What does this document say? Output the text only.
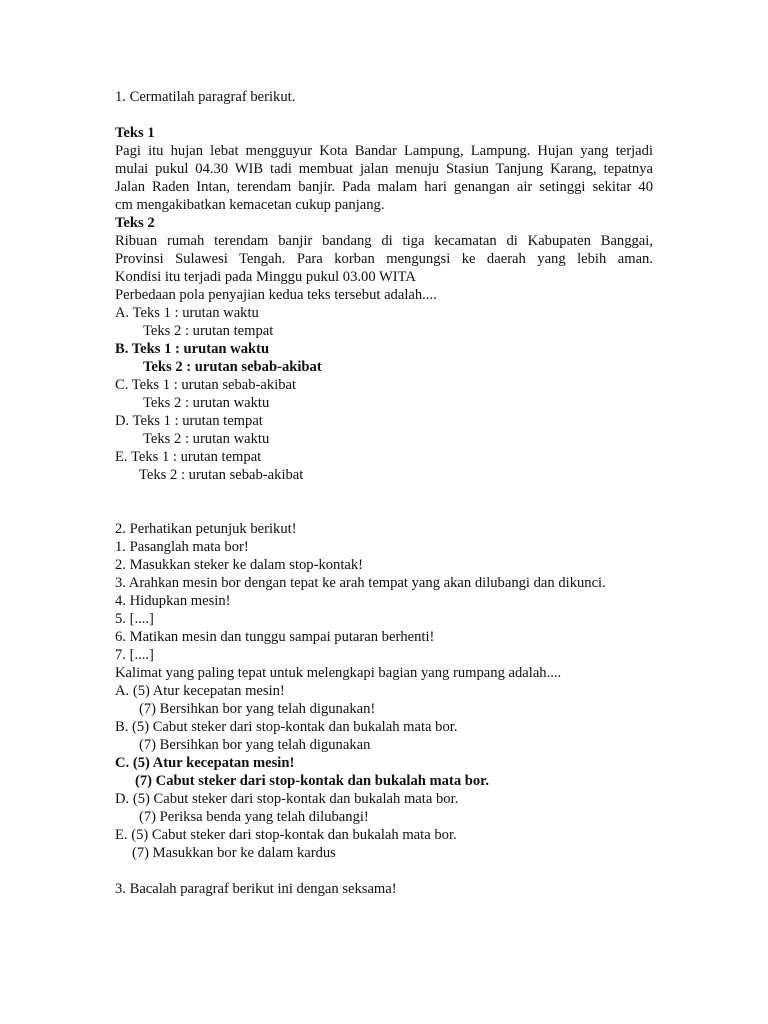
1. Cermatilah paragraf berikut.
Teks 1
Pagi itu hujan lebat mengguyur Kota Bandar Lampung, Lampung. Hujan yang terjadi
mulai pukul 04.30 WIB tadi membuat jalan menuju Stasiun Tanjung Karang, tepatnya
Jalan Raden Intan, terendam banjir. Pada malam hari genangan air setinggi sekitar 40
cm mengakibatkan kemacetan cukup panjang.
Teks 2
Ribuan rumah terendam banjir bandang di tiga kecamatan di Kabupaten Banggai,
Provinsi Sulawesi Tengah. Para korban mengungsi ke daerah yang lebih aman.
Kondisi itu terjadi pada Minggu pukul 03.00 WITA
Perbedaan pola penyajian kedua teks tersebut adalah....
A. Teks 1 : urutan waktu
Teks 2 : urutan tempat
B. Teks 1 : urutan waktu
Teks 2 : urutan sebab-akibat
C. Teks 1 : urutan sebab-akibat
Teks 2 : urutan waktu
D. Teks 1 : urutan tempat
Teks 2 : urutan waktu
E. Teks 1 : urutan tempat
Teks 2 : urutan sebab-akibat
2. Perhatikan petunjuk berikut!
1. Pasanglah mata bor!
2. Masukkan steker ke dalam stop-kontak!
3. Arahkan mesin bor dengan tepat ke arah tempat yang akan dilubangi dan dikunci.
4. Hidupkan mesin!
5. [....]
6. Matikan mesin dan tunggu sampai putaran berhenti!
7. [....]
Kalimat yang paling tepat untuk melengkapi bagian yang rumpang adalah....
A. (5) Atur kecepatan mesin!
(7) Bersihkan bor yang telah digunakan!
B. (5) Cabut steker dari stop-kontak dan bukalah mata bor.
(7) Bersihkan bor yang telah digunakan
C. (5) Atur kecepatan mesin!
(7) Cabut steker dari stop-kontak dan bukalah mata bor.
D. (5) Cabut steker dari stop-kontak dan bukalah mata bor.
(7) Periksa benda yang telah dilubangi!
E. (5) Cabut steker dari stop-kontak dan bukalah mata bor.
(7) Masukkan bor ke dalam kardus
3. Bacalah paragraf berikut ini dengan seksama!
